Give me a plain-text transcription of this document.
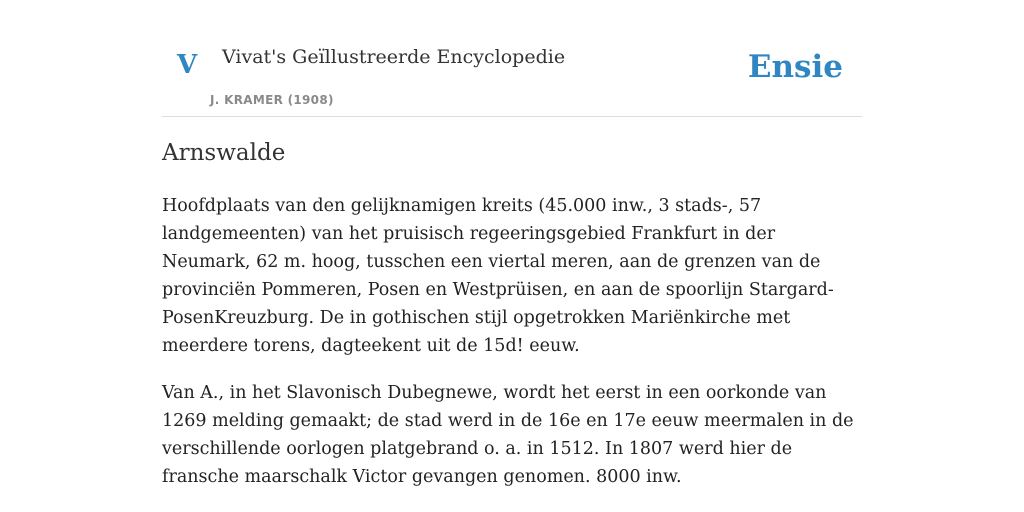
V Vivat's Geïllustreerde Encyclopedie
J. KRAMER (1908)
Ensie
Arnswalde

Hoofdplaats van den gelijknamigen kreits (45.000 inw., 3 stads-, 57 landgemeenten) van het pruisisch regeeringsgebied Frankfurt in der Neumark, 62 m. hoog, tusschen een viertal meren, aan de grenzen van de provinciën Pommeren, Posen en Westprüisen, en aan de spoorlijn Stargard-PosenKreuzburg. De in gothischen stijl opgetrokken Mariënkirche met meerdere torens, dagteekent uit de 15d! eeuw.

Van A., in het Slavonisch Dubegnewe, wordt het eerst in een oorkonde van 1269 melding gemaakt; de stad werd in de 16e en 17e eeuw meermalen in de verschillende oorlogen platgebrand o. a. in 1512. In 1807 werd hier de fransche maarschalk Victor gevangen genomen. 8000 inw.
